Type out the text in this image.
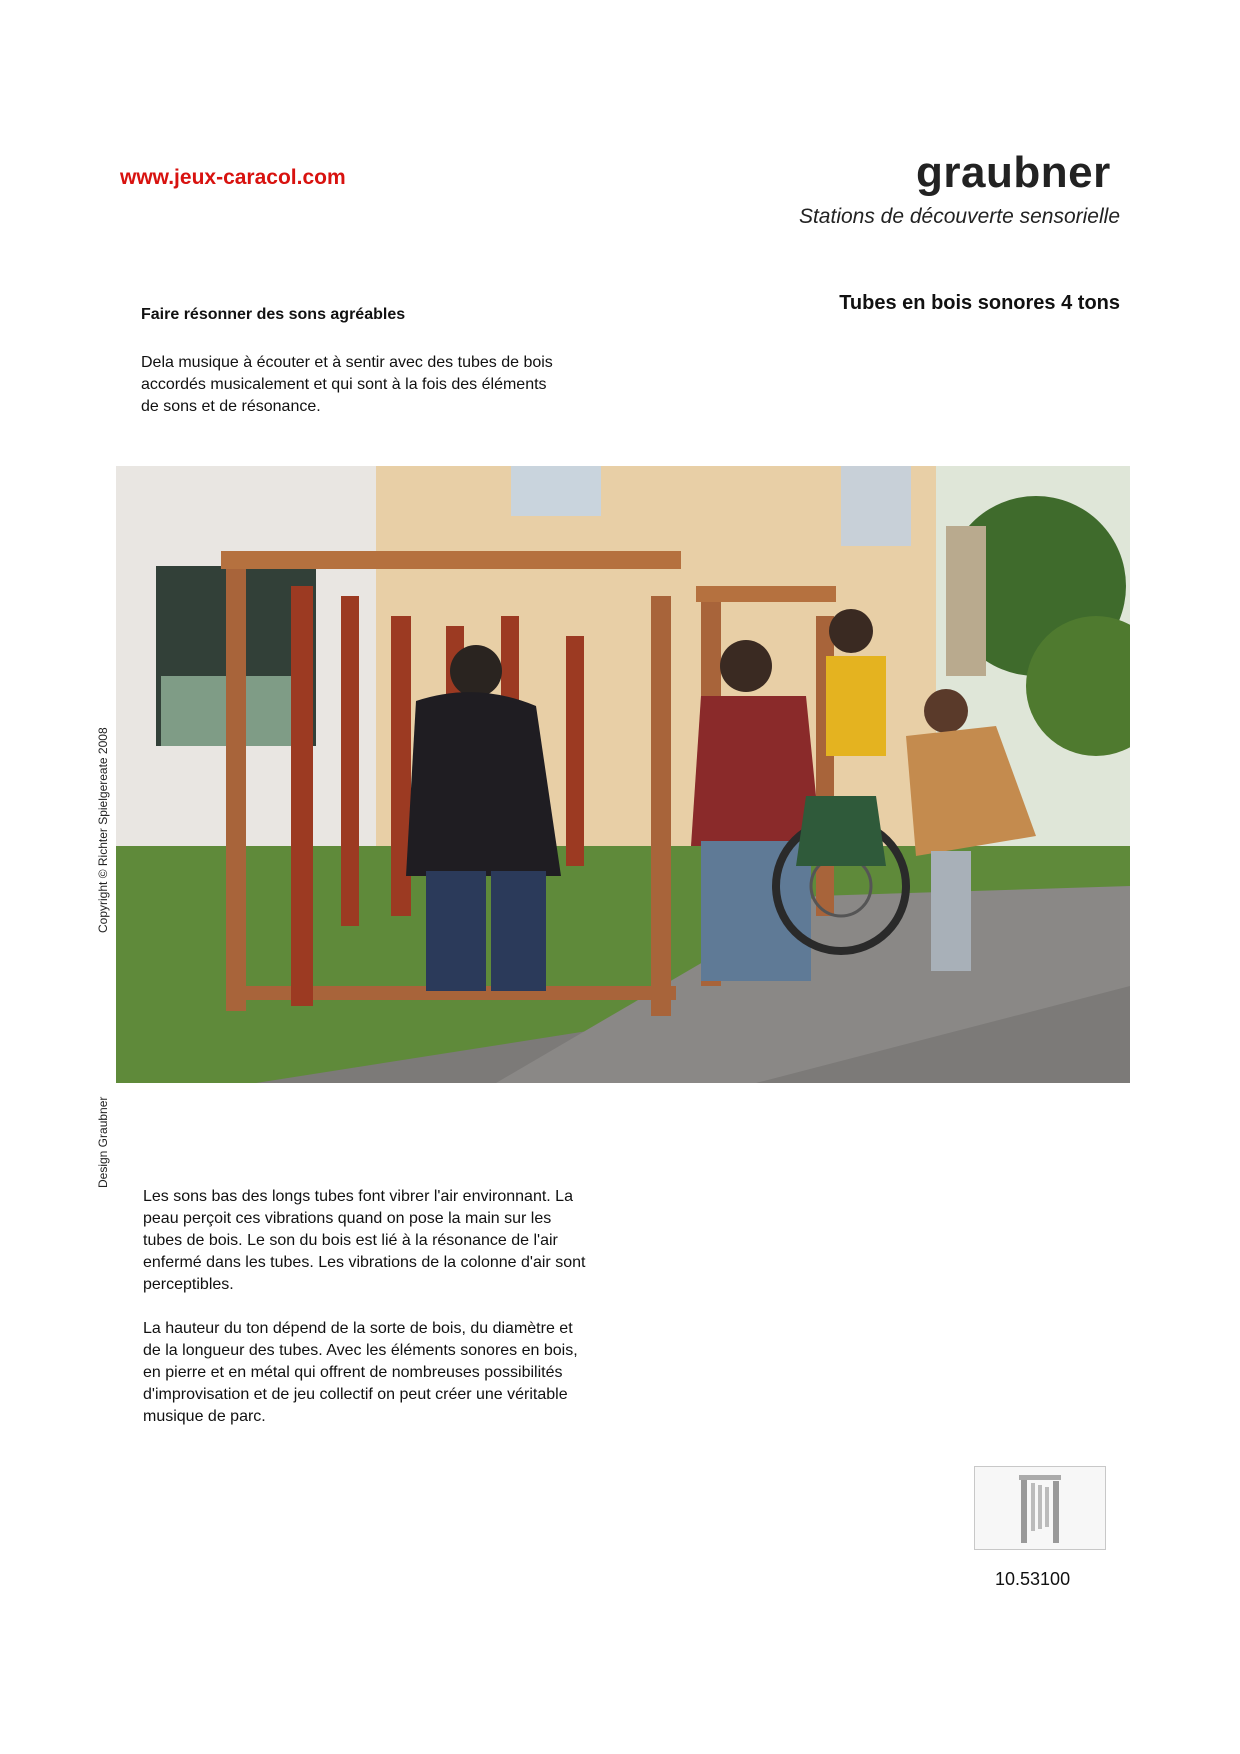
www.jeux-caracol.com	graubner
Stations de découverte sensorielle
Tubes en bois sonores 4 tons
Faire résonner des sons agréables
Dela musique à écouter et à sentir avec des tubes de bois accordés musicalement et qui sont à la fois des éléments de sons et de résonance.
Copyright © Richter Spielgereate 2008
Design Graubner

Les sons bas des longs tubes font vibrer l'air environnant. La peau perçoit ces vibrations quand on pose la main sur les tubes de bois. Le son du bois est lié à la résonance de l'air enfermé dans les tubes. Les vibrations de la colonne d'air sont perceptibles.

La hauteur du ton dépend de la sorte de bois, du diamètre et de la longueur des tubes. Avec les éléments sonores en bois, en pierre et en métal qui offrent de nombreuses possibilités d'improvisation et de jeu collectif on peut créer une véritable musique de parc.

10.53100
